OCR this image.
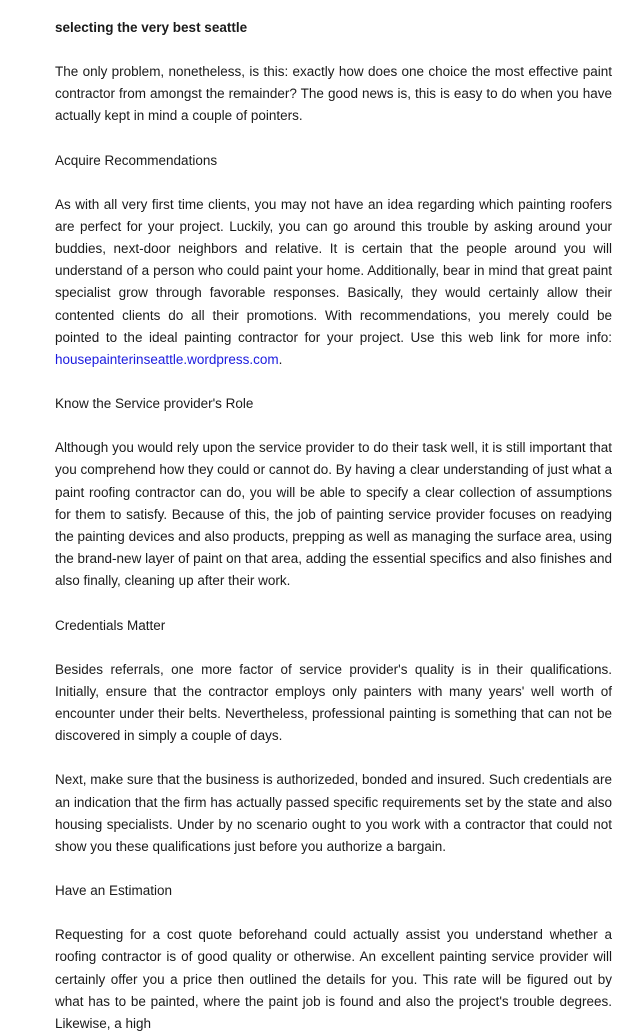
selecting the very best seattle

The only problem, nonetheless, is this: exactly how does one choice the most effective paint contractor from amongst the remainder? The good news is, this is easy to do when you have actually kept in mind a couple of pointers.

Acquire Recommendations

As with all very first time clients, you may not have an idea regarding which painting roofers are perfect for your project. Luckily, you can go around this trouble by asking around your buddies, next-door neighbors and relative. It is certain that the people around you will understand of a person who could paint your home. Additionally, bear in mind that great paint specialist grow through favorable responses. Basically, they would certainly allow their contented clients do all their promotions. With recommendations, you merely could be pointed to the ideal painting contractor for your project. Use this web link for more info: housepainterinseattle.wordpress.com.

Know the Service provider's Role

Although you would rely upon the service provider to do their task well, it is still important that you comprehend how they could or cannot do. By having a clear understanding of just what a paint roofing contractor can do, you will be able to specify a clear collection of assumptions for them to satisfy. Because of this, the job of painting service provider focuses on readying the painting devices and also products, prepping as well as managing the surface area, using the brand-new layer of paint on that area, adding the essential specifics and also finishes and also finally, cleaning up after their work.

Credentials Matter

Besides referrals, one more factor of service provider's quality is in their qualifications. Initially, ensure that the contractor employs only painters with many years' well worth of encounter under their belts. Nevertheless, professional painting is something that can not be discovered in simply a couple of days.

Next, make sure that the business is authorizeded, bonded and insured. Such credentials are an indication that the firm has actually passed specific requirements set by the state and also housing specialists. Under by no scenario ought to you work with a contractor that could not show you these qualifications just before you authorize a bargain.

Have an Estimation

Requesting for a cost quote beforehand could actually assist you understand whether a roofing contractor is of good quality or otherwise. An excellent painting service provider will certainly offer you a price then outlined the details for you. This rate will be figured out by what has to be painted, where the paint job is found and also the project's trouble degrees. Likewise, a high
